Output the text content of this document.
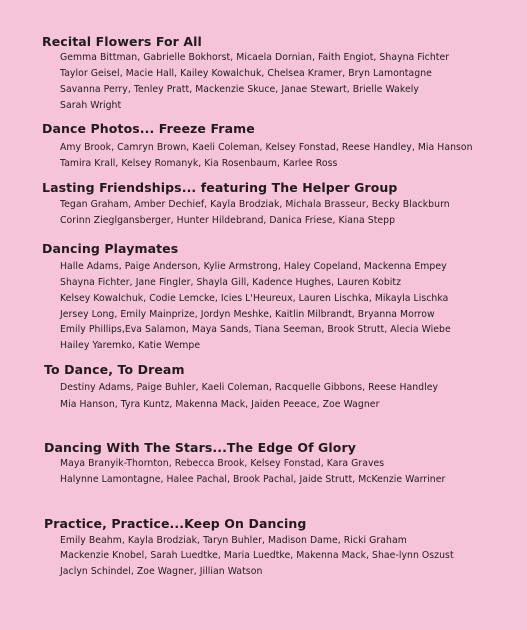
Recital Flowers For All
Gemma Bittman, Gabrielle Bokhorst, Micaela Dornian, Faith Engiot, Shayna Fichter
Taylor Geisel, Macie Hall, Kailey Kowalchuk, Chelsea Kramer, Bryn Lamontagne
Savanna Perry, Tenley Pratt, Mackenzie Skuce, Janae Stewart, Brielle Wakely
Sarah Wright
Dance Photos... Freeze Frame
Amy Brook, Camryn Brown, Kaeli Coleman, Kelsey Fonstad, Reese Handley, Mia Hanson
Tamira Krall, Kelsey Romanyk, Kia Rosenbaum, Karlee Ross
Lasting Friendships... featuring The Helper Group
Tegan Graham, Amber Dechief, Kayla Brodziak, Michala Brasseur, Becky Blackburn
Corinn Zieglgansberger, Hunter Hildebrand, Danica Friese, Kiana Stepp
Dancing Playmates
Halle Adams, Paige Anderson, Kylie Armstrong, Haley Copeland, Mackenna Empey
Shayna Fichter, Jane Fingler, Shayla Gill, Kadence Hughes, Lauren Kobitz
Kelsey Kowalchuk, Codie Lemcke, Icies L'Heureux, Lauren Lischka, Mikayla Lischka
Jersey Long, Emily Mainprize, Jordyn Meshke, Kaitlin Milbrandt, Bryanna Morrow
Emily Phillips,Eva Salamon, Maya Sands, Tiana Seeman, Brook Strutt, Alecia Wiebe
Hailey Yaremko, Katie Wempe
To Dance, To Dream
Destiny Adams, Paige Buhler, Kaeli Coleman, Racquelle Gibbons, Reese Handley
Mia Hanson, Tyra Kuntz, Makenna Mack, Jaiden Peeace, Zoe Wagner
Dancing With The Stars...The Edge Of Glory
Maya Branyik-Thornton, Rebecca Brook, Kelsey Fonstad, Kara Graves
Halynne Lamontagne, Halee Pachal, Brook Pachal, Jaide Strutt, McKenzie Warriner
Practice, Practice...Keep On Dancing
Emily Beahm, Kayla Brodziak, Taryn Buhler, Madison Dame, Ricki Graham
Mackenzie Knobel, Sarah Luedtke, Maria Luedtke, Makenna Mack, Shae-lynn Oszust
Jaclyn Schindel, Zoe Wagner, Jillian Watson
